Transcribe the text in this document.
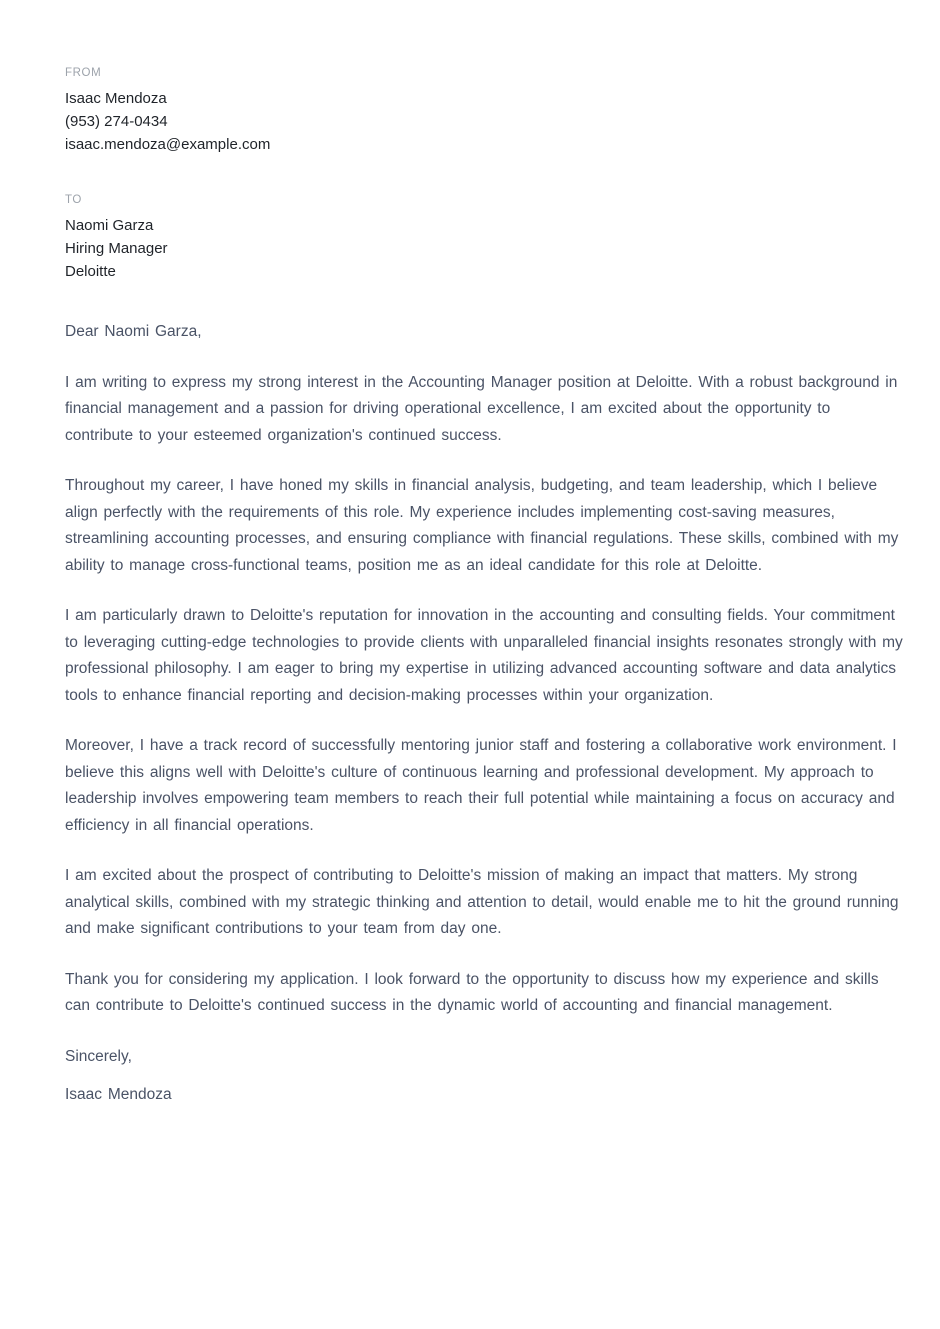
FROM
Isaac Mendoza
(953) 274-0434
isaac.mendoza@example.com
TO
Naomi Garza
Hiring Manager
Deloitte

Dear Naomi Garza,

I am writing to express my strong interest in the Accounting Manager position at Deloitte. With a robust background in financial management and a passion for driving operational excellence, I am excited about the opportunity to contribute to your esteemed organization's continued success.

Throughout my career, I have honed my skills in financial analysis, budgeting, and team leadership, which I believe align perfectly with the requirements of this role. My experience includes implementing cost-saving measures, streamlining accounting processes, and ensuring compliance with financial regulations. These skills, combined with my ability to manage cross-functional teams, position me as an ideal candidate for this role at Deloitte.

I am particularly drawn to Deloitte's reputation for innovation in the accounting and consulting fields. Your commitment to leveraging cutting-edge technologies to provide clients with unparalleled financial insights resonates strongly with my professional philosophy. I am eager to bring my expertise in utilizing advanced accounting software and data analytics tools to enhance financial reporting and decision-making processes within your organization.

Moreover, I have a track record of successfully mentoring junior staff and fostering a collaborative work environment. I believe this aligns well with Deloitte's culture of continuous learning and professional development. My approach to leadership involves empowering team members to reach their full potential while maintaining a focus on accuracy and efficiency in all financial operations.

I am excited about the prospect of contributing to Deloitte's mission of making an impact that matters. My strong analytical skills, combined with my strategic thinking and attention to detail, would enable me to hit the ground running and make significant contributions to your team from day one.

Thank you for considering my application. I look forward to the opportunity to discuss how my experience and skills can contribute to Deloitte's continued success in the dynamic world of accounting and financial management.

Sincerely,

Isaac Mendoza
